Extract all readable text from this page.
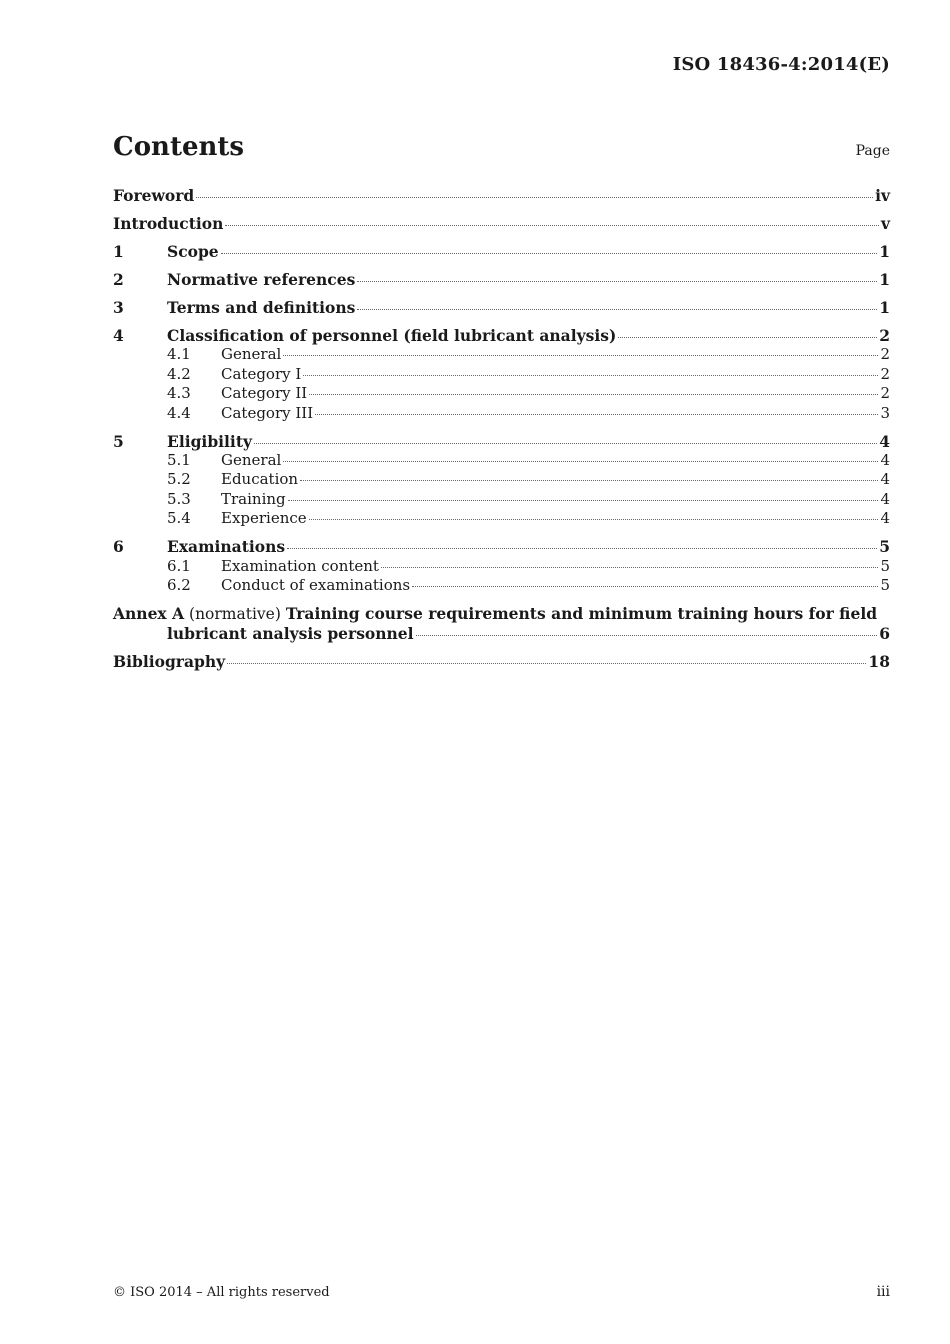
ISO 18436-4:2014(E)
Contents	Page
Foreword	iv
Introduction	v
1	Scope	1
2	Normative references	1
3	Terms and definitions	1
4	Classification of personnel (field lubricant analysis)	2
4.1	General	2
4.2	Category I	2
4.3	Category II	2
4.4	Category III	3
5	Eligibility	4
5.1	General	4
5.2	Education	4
5.3	Training	4
5.4	Experience	4
6	Examinations	5
6.1	Examination content	5
6.2	Conduct of examinations	5
Annex A (normative) Training course requirements and minimum training hours for field
lubricant analysis personnel	6
Bibliography	18
© ISO 2014 – All rights reserved	iii
